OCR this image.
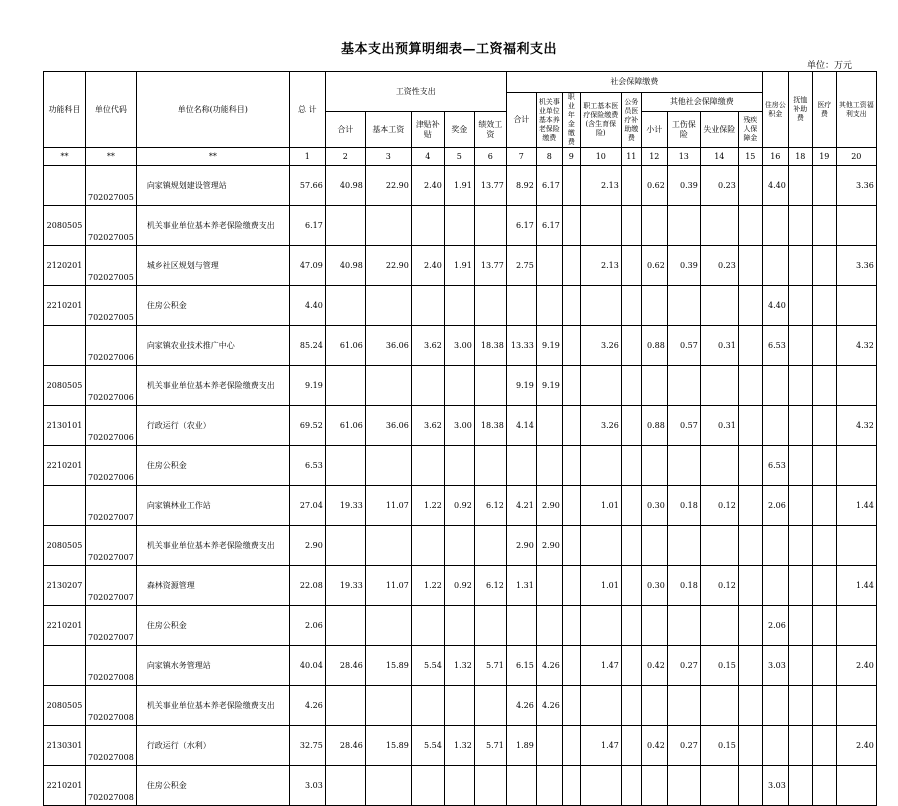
基本支出预算明细表—工资福利支出
单位：万元
功能科目	单位代码	单位名称(功能科目)	总 计	工资性支出					社会保障缴费									住房公积金	抚恤补助费	医疗费	其他工资福利支出
									合计	机关事业单位基本养老保险缴费	职业年金缴费	职工基本医疗保险缴费(含生育保险)	公务员医疗补助缴费	其他社会保障缴费							
				合计	基本工资	津贴补贴	奖金	绩效工资						小计	工伤保险	失业保险	残疾人保障金				
**	**	**	1	2	3	4	5	6	7	8	9	10	11	12	13	14	15	16	18	19	20
	702027005	向家镇规划建设管理站	57.66	40.98	22.90	2.40	1.91	13.77	8.92	6.17		2.13		0.62	0.39	0.23		4.40			3.36
2080505	702027005	机关事业单位基本养老保险缴费支出	6.17						6.17	6.17											
2120201	702027005	城乡社区规划与管理	47.09	40.98	22.90	2.40	1.91	13.77	2.75			2.13		0.62	0.39	0.23					3.36
2210201	702027005	住房公积金	4.40															4.40			
	702027006	向家镇农业技术推广中心	85.24	61.06	36.06	3.62	3.00	18.38	13.33	9.19		3.26		0.88	0.57	0.31		6.53			4.32
2080505	702027006	机关事业单位基本养老保险缴费支出	9.19						9.19	9.19											
2130101	702027006	行政运行（农业）	69.52	61.06	36.06	3.62	3.00	18.38	4.14			3.26		0.88	0.57	0.31					4.32
2210201	702027006	住房公积金	6.53															6.53			
	702027007	向家镇林业工作站	27.04	19.33	11.07	1.22	0.92	6.12	4.21	2.90		1.01		0.30	0.18	0.12		2.06			1.44
2080505	702027007	机关事业单位基本养老保险缴费支出	2.90						2.90	2.90											
2130207	702027007	森林资源管理	22.08	19.33	11.07	1.22	0.92	6.12	1.31			1.01		0.30	0.18	0.12					1.44
2210201	702027007	住房公积金	2.06															2.06			
	702027008	向家镇水务管理站	40.04	28.46	15.89	5.54	1.32	5.71	6.15	4.26		1.47		0.42	0.27	0.15		3.03			2.40
2080505	702027008	机关事业单位基本养老保险缴费支出	4.26						4.26	4.26											
2130301	702027008	行政运行（水利）	32.75	28.46	15.89	5.54	1.32	5.71	1.89			1.47		0.42	0.27	0.15					2.40
2210201	702027008	住房公积金	3.03															3.03			
